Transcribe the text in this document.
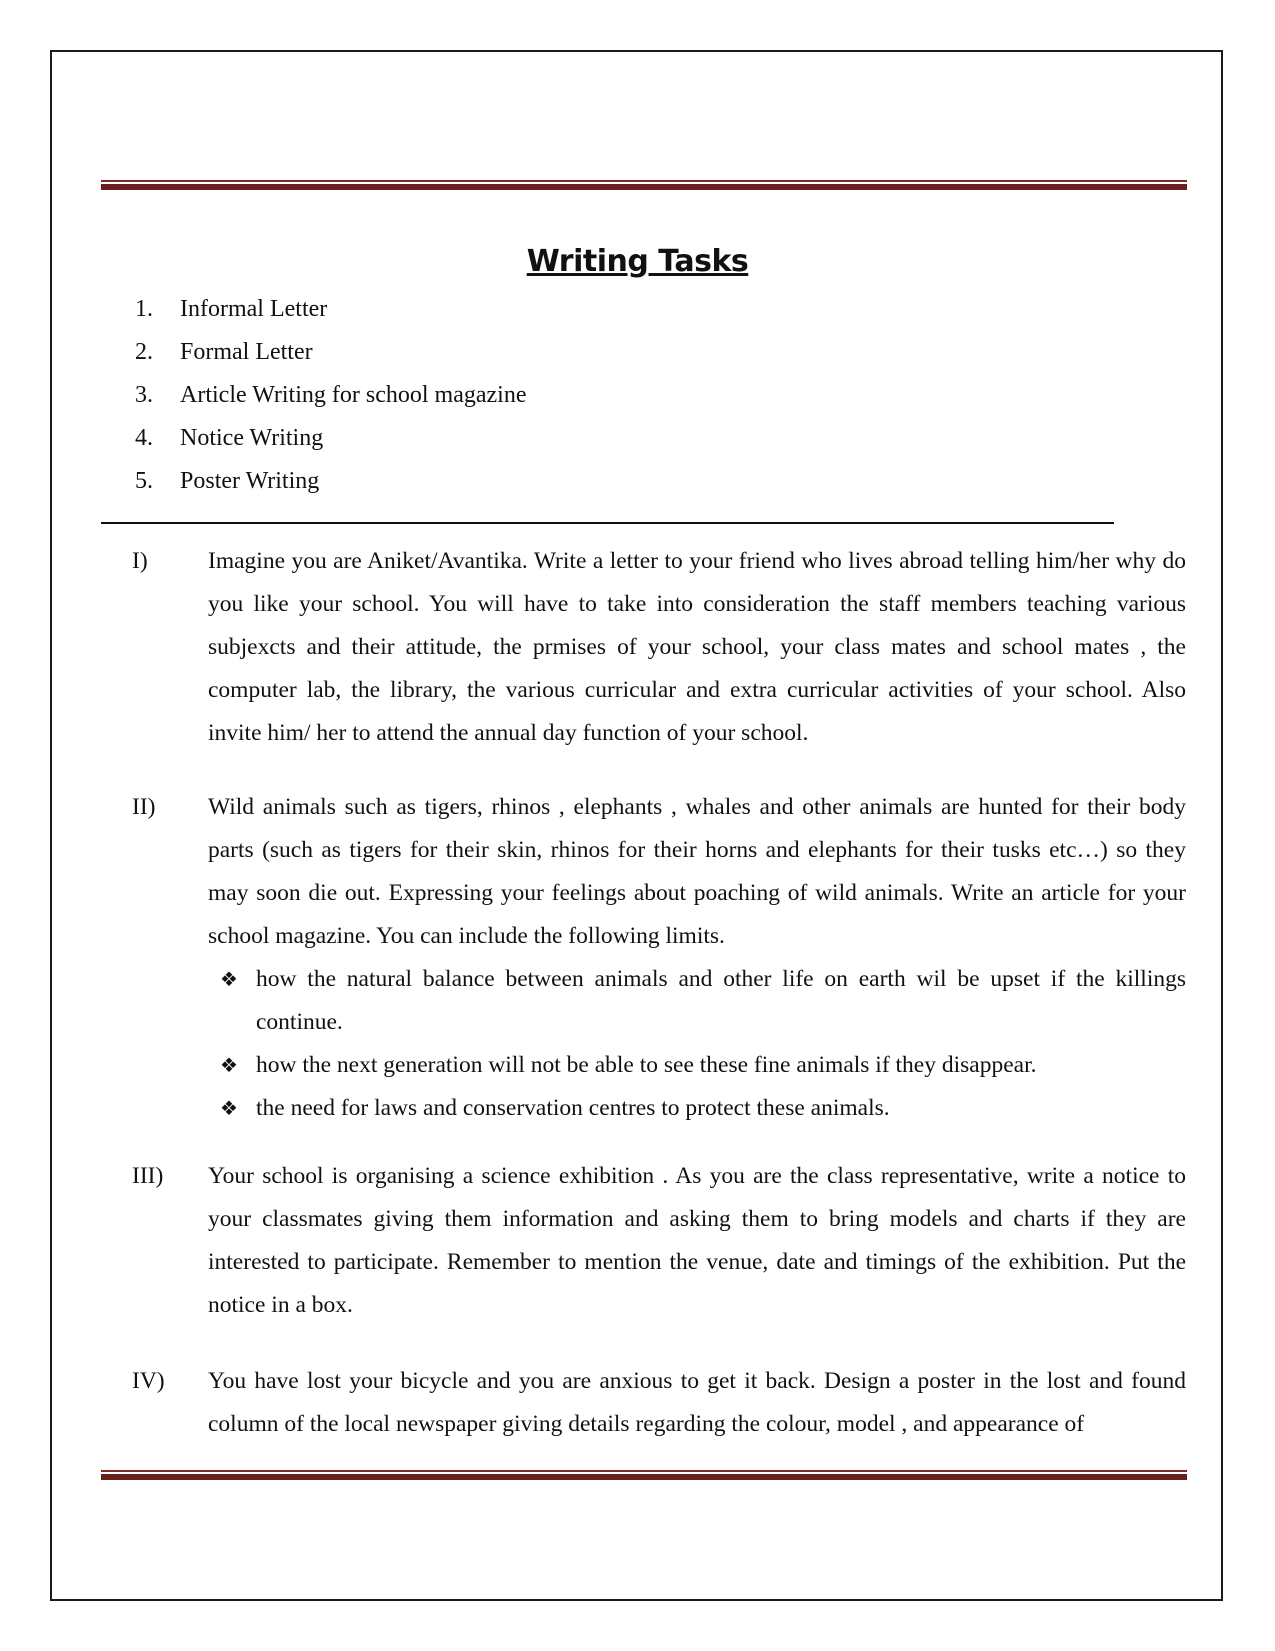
Writing Tasks
1. Informal Letter
2. Formal Letter
3. Article Writing for school magazine
4. Notice Writing
5. Poster Writing
I)	Imagine you are Aniket/Avantika. Write a letter to your friend who lives abroad telling him/her why do you like your school. You will have to take into consideration the staff members teaching various subjexcts and their attitude, the prmises of your school, your class mates and school mates , the computer lab, the library, the various curricular and extra curricular activities of your school. Also invite him/ her to attend the annual day function of your school.
II)	Wild animals such as tigers, rhinos , elephants , whales and other animals are hunted for their body parts (such as tigers for their skin, rhinos for their horns and elephants for their tusks etc…) so they may soon die out. Expressing your feelings about poaching of wild animals. Write an article for your school magazine. You can include the following limits.
❖ how the natural balance between animals and other life on earth wil be upset if the killings continue.
❖ how the next generation will not be able to see these fine animals if they disappear.
❖ the need for laws and conservation centres to protect these animals.
III)	Your school is organising a science exhibition . As you are the class representative, write a notice to your classmates giving them information and asking them to bring models and charts if they are interested to participate. Remember to mention the venue, date and timings of the exhibition. Put the notice in a box.
IV)	You have lost your bicycle and you are anxious to get it back. Design a poster in the lost and found column of the local newspaper giving details regarding the colour, model , and appearance of
